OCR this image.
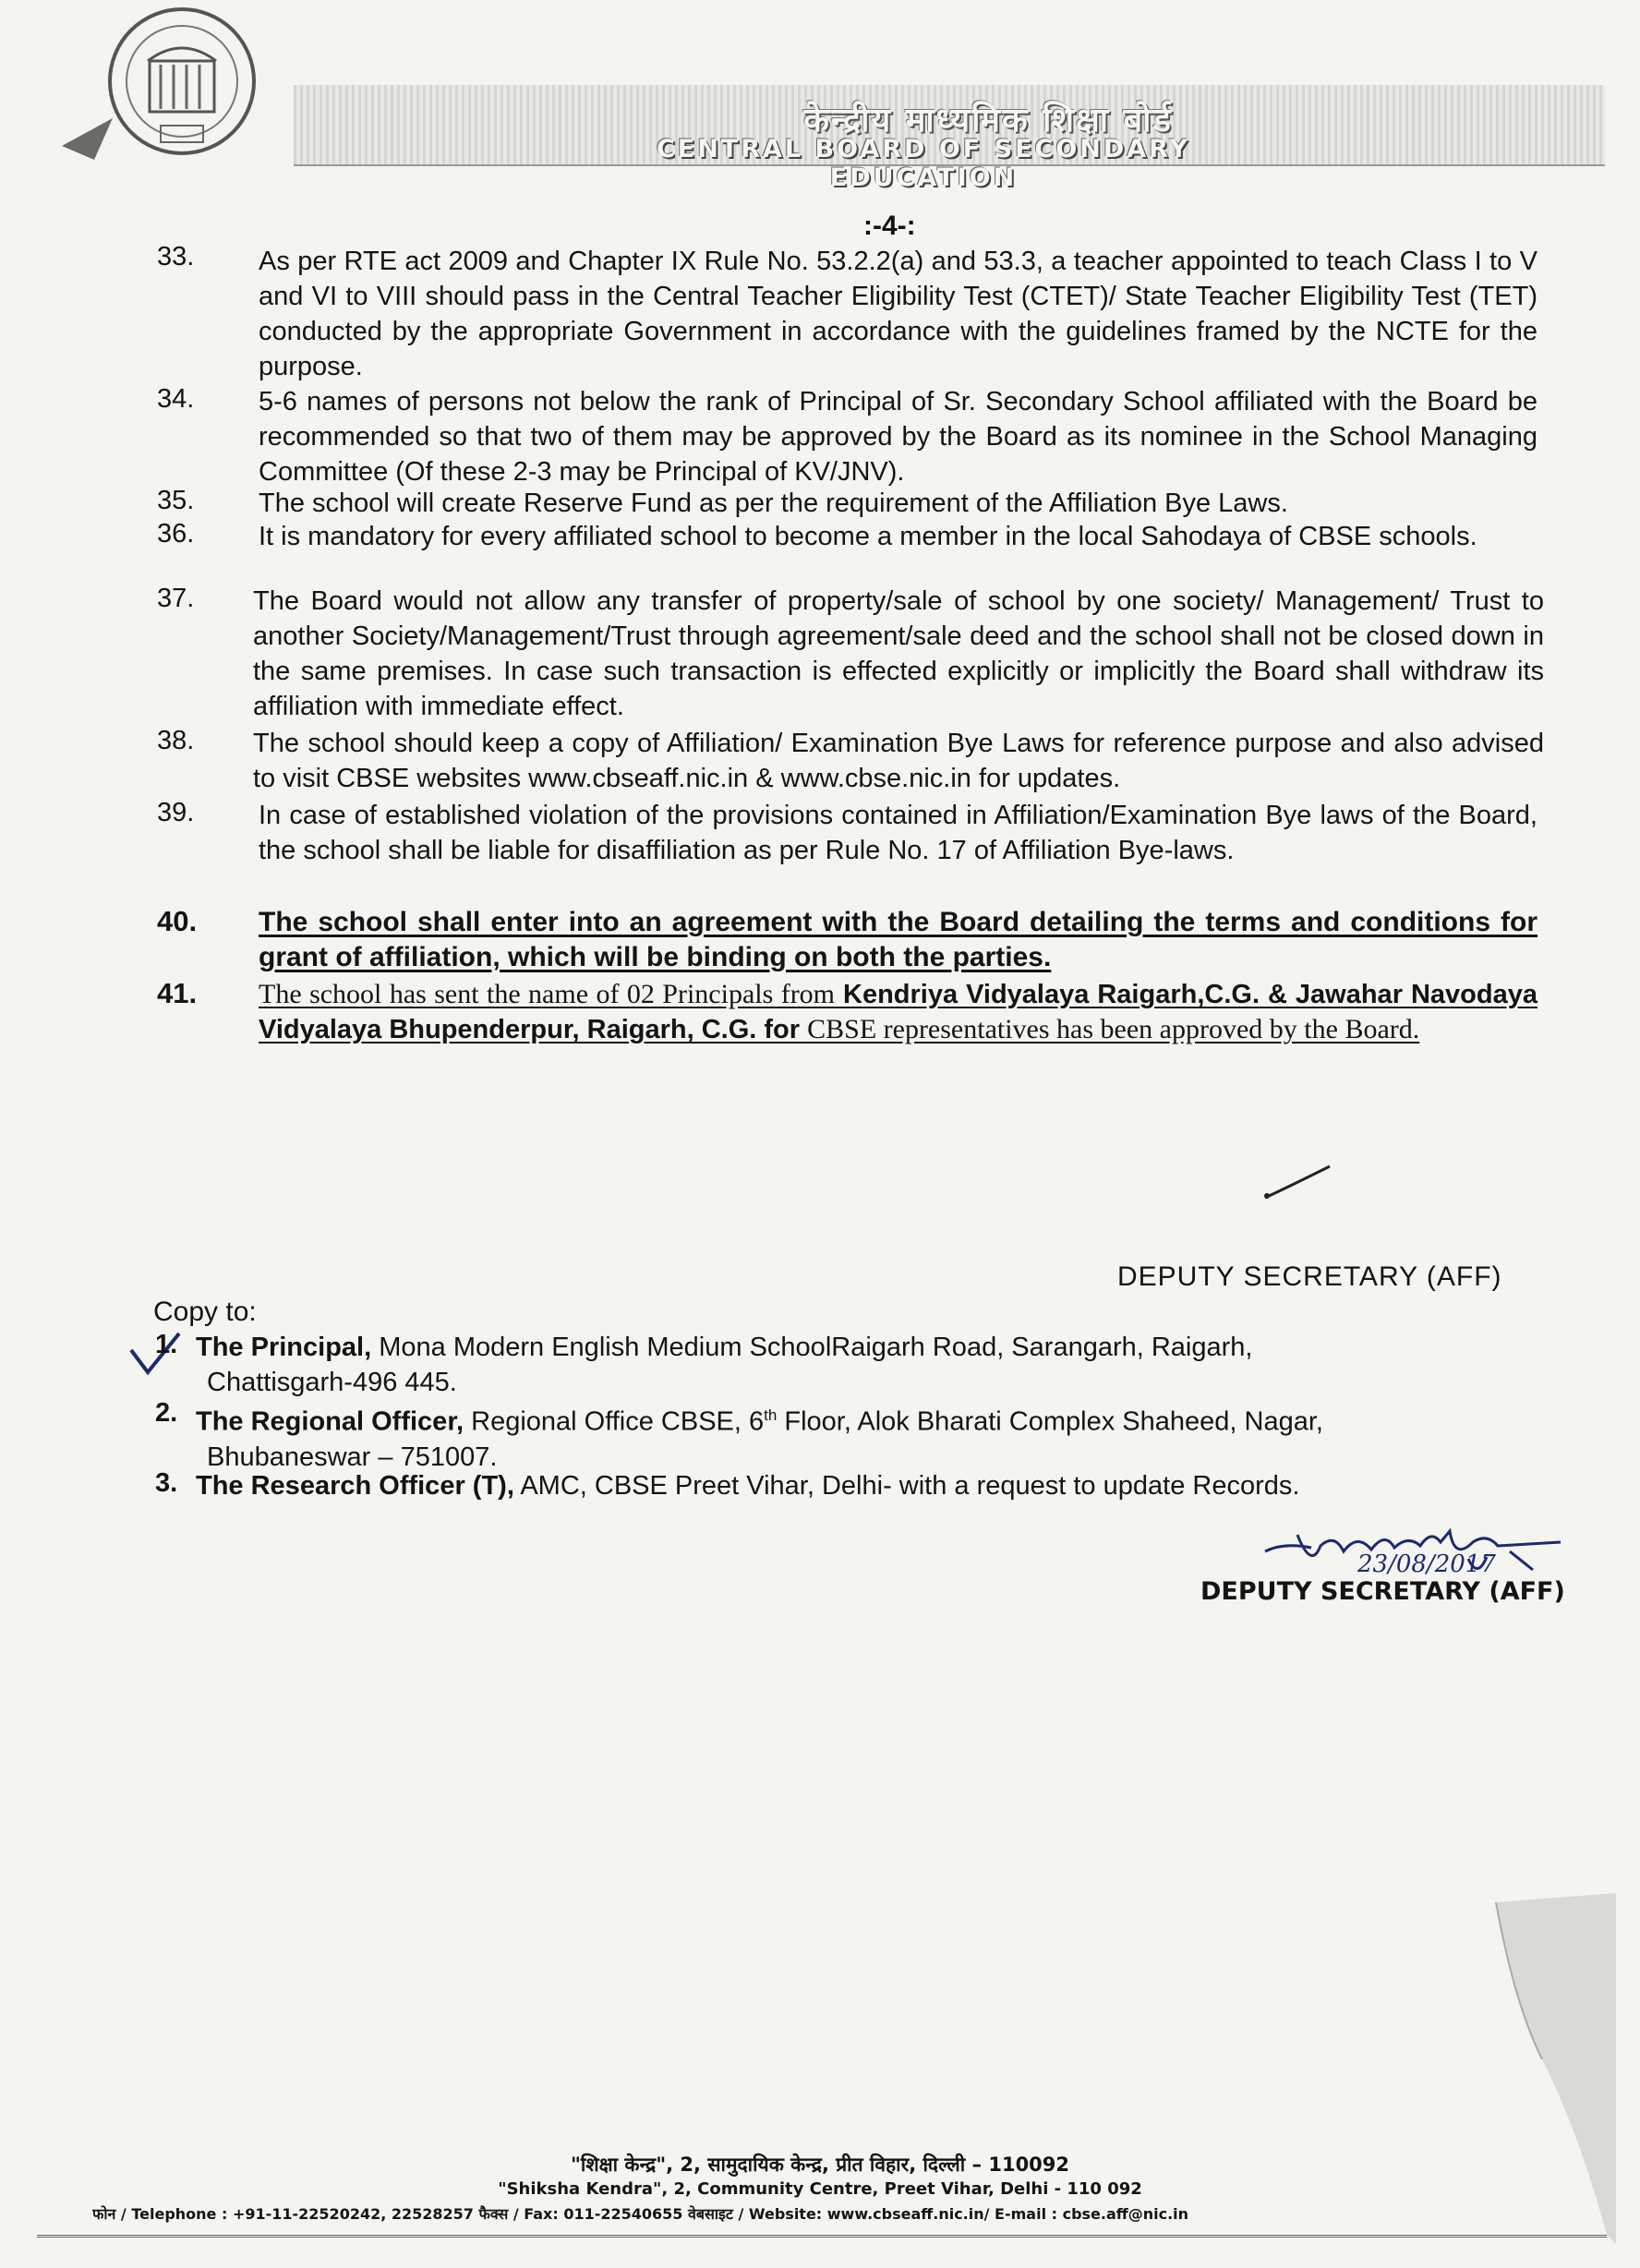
केन्द्रीय माध्यमिक शिक्षा बोर्ड
CENTRAL BOARD OF SECONDARY EDUCATION
:-4-:
33. As per RTE act 2009 and Chapter IX Rule No. 53.2.2(a) and 53.3, a teacher appointed to teach Class I to V and VI to VIII should pass in the Central Teacher Eligibility Test (CTET)/ State Teacher Eligibility Test (TET) conducted by the appropriate Government in accordance with the guidelines framed by the NCTE for the purpose.
34. 5-6 names of persons not below the rank of Principal of Sr. Secondary School affiliated with the Board be recommended so that two of them may be approved by the Board as its nominee in the School Managing Committee (Of these 2-3 may be Principal of KV/JNV).
35. The school will create Reserve Fund as per the requirement of the Affiliation Bye Laws.
36. It is mandatory for every affiliated school to become a member in the local Sahodaya of CBSE schools.
37. The Board would not allow any transfer of property/sale of school by one society/ Management/ Trust to another Society/Management/Trust through agreement/sale deed and the school shall not be closed down in the same premises. In case such transaction is effected explicitly or implicitly the Board shall withdraw its affiliation with immediate effect.
38. The school should keep a copy of Affiliation/ Examination Bye Laws for reference purpose and also advised to visit CBSE websites www.cbseaff.nic.in & www.cbse.nic.in for updates.
39. In case of established violation of the provisions contained in Affiliation/Examination Bye laws of the Board, the school shall be liable for disaffiliation as per Rule No. 17 of Affiliation Bye-laws.
40. The school shall enter into an agreement with the Board detailing the terms and conditions for grant of affiliation, which will be binding on both the parties.
41. The school has sent the name of 02 Principals from Kendriya Vidyalaya Raigarh,C.G. & Jawahar Navodaya Vidyalaya Bhupenderpur, Raigarh, C.G. for CBSE representatives has been approved by the Board.
DEPUTY SECRETARY (AFF)
Copy to:
1. The Principal, Mona Modern English Medium SchoolRaigarh Road, Sarangarh, Raigarh,
Chattisgarh-496 445.
2. The Regional Officer, Regional Office CBSE, 6th Floor, Alok Bharati Complex Shaheed, Nagar,
Bhubaneswar – 751007.
3. The Research Officer (T), AMC, CBSE Preet Vihar, Delhi- with a request to update Records.
23/08/2017
DEPUTY SECRETARY (AFF)
"शिक्षा केन्द्र", 2, सामुदायिक केन्द्र, प्रीत विहार, दिल्ली – 110092
"Shiksha Kendra", 2, Community Centre, Preet Vihar, Delhi - 110 092
फोन / Telephone : +91-11-22520242, 22528257 फैक्स / Fax: 011-22540655 वेबसाइट / Website: www.cbseaff.nic.in/ E-mail : cbse.aff@nic.in
